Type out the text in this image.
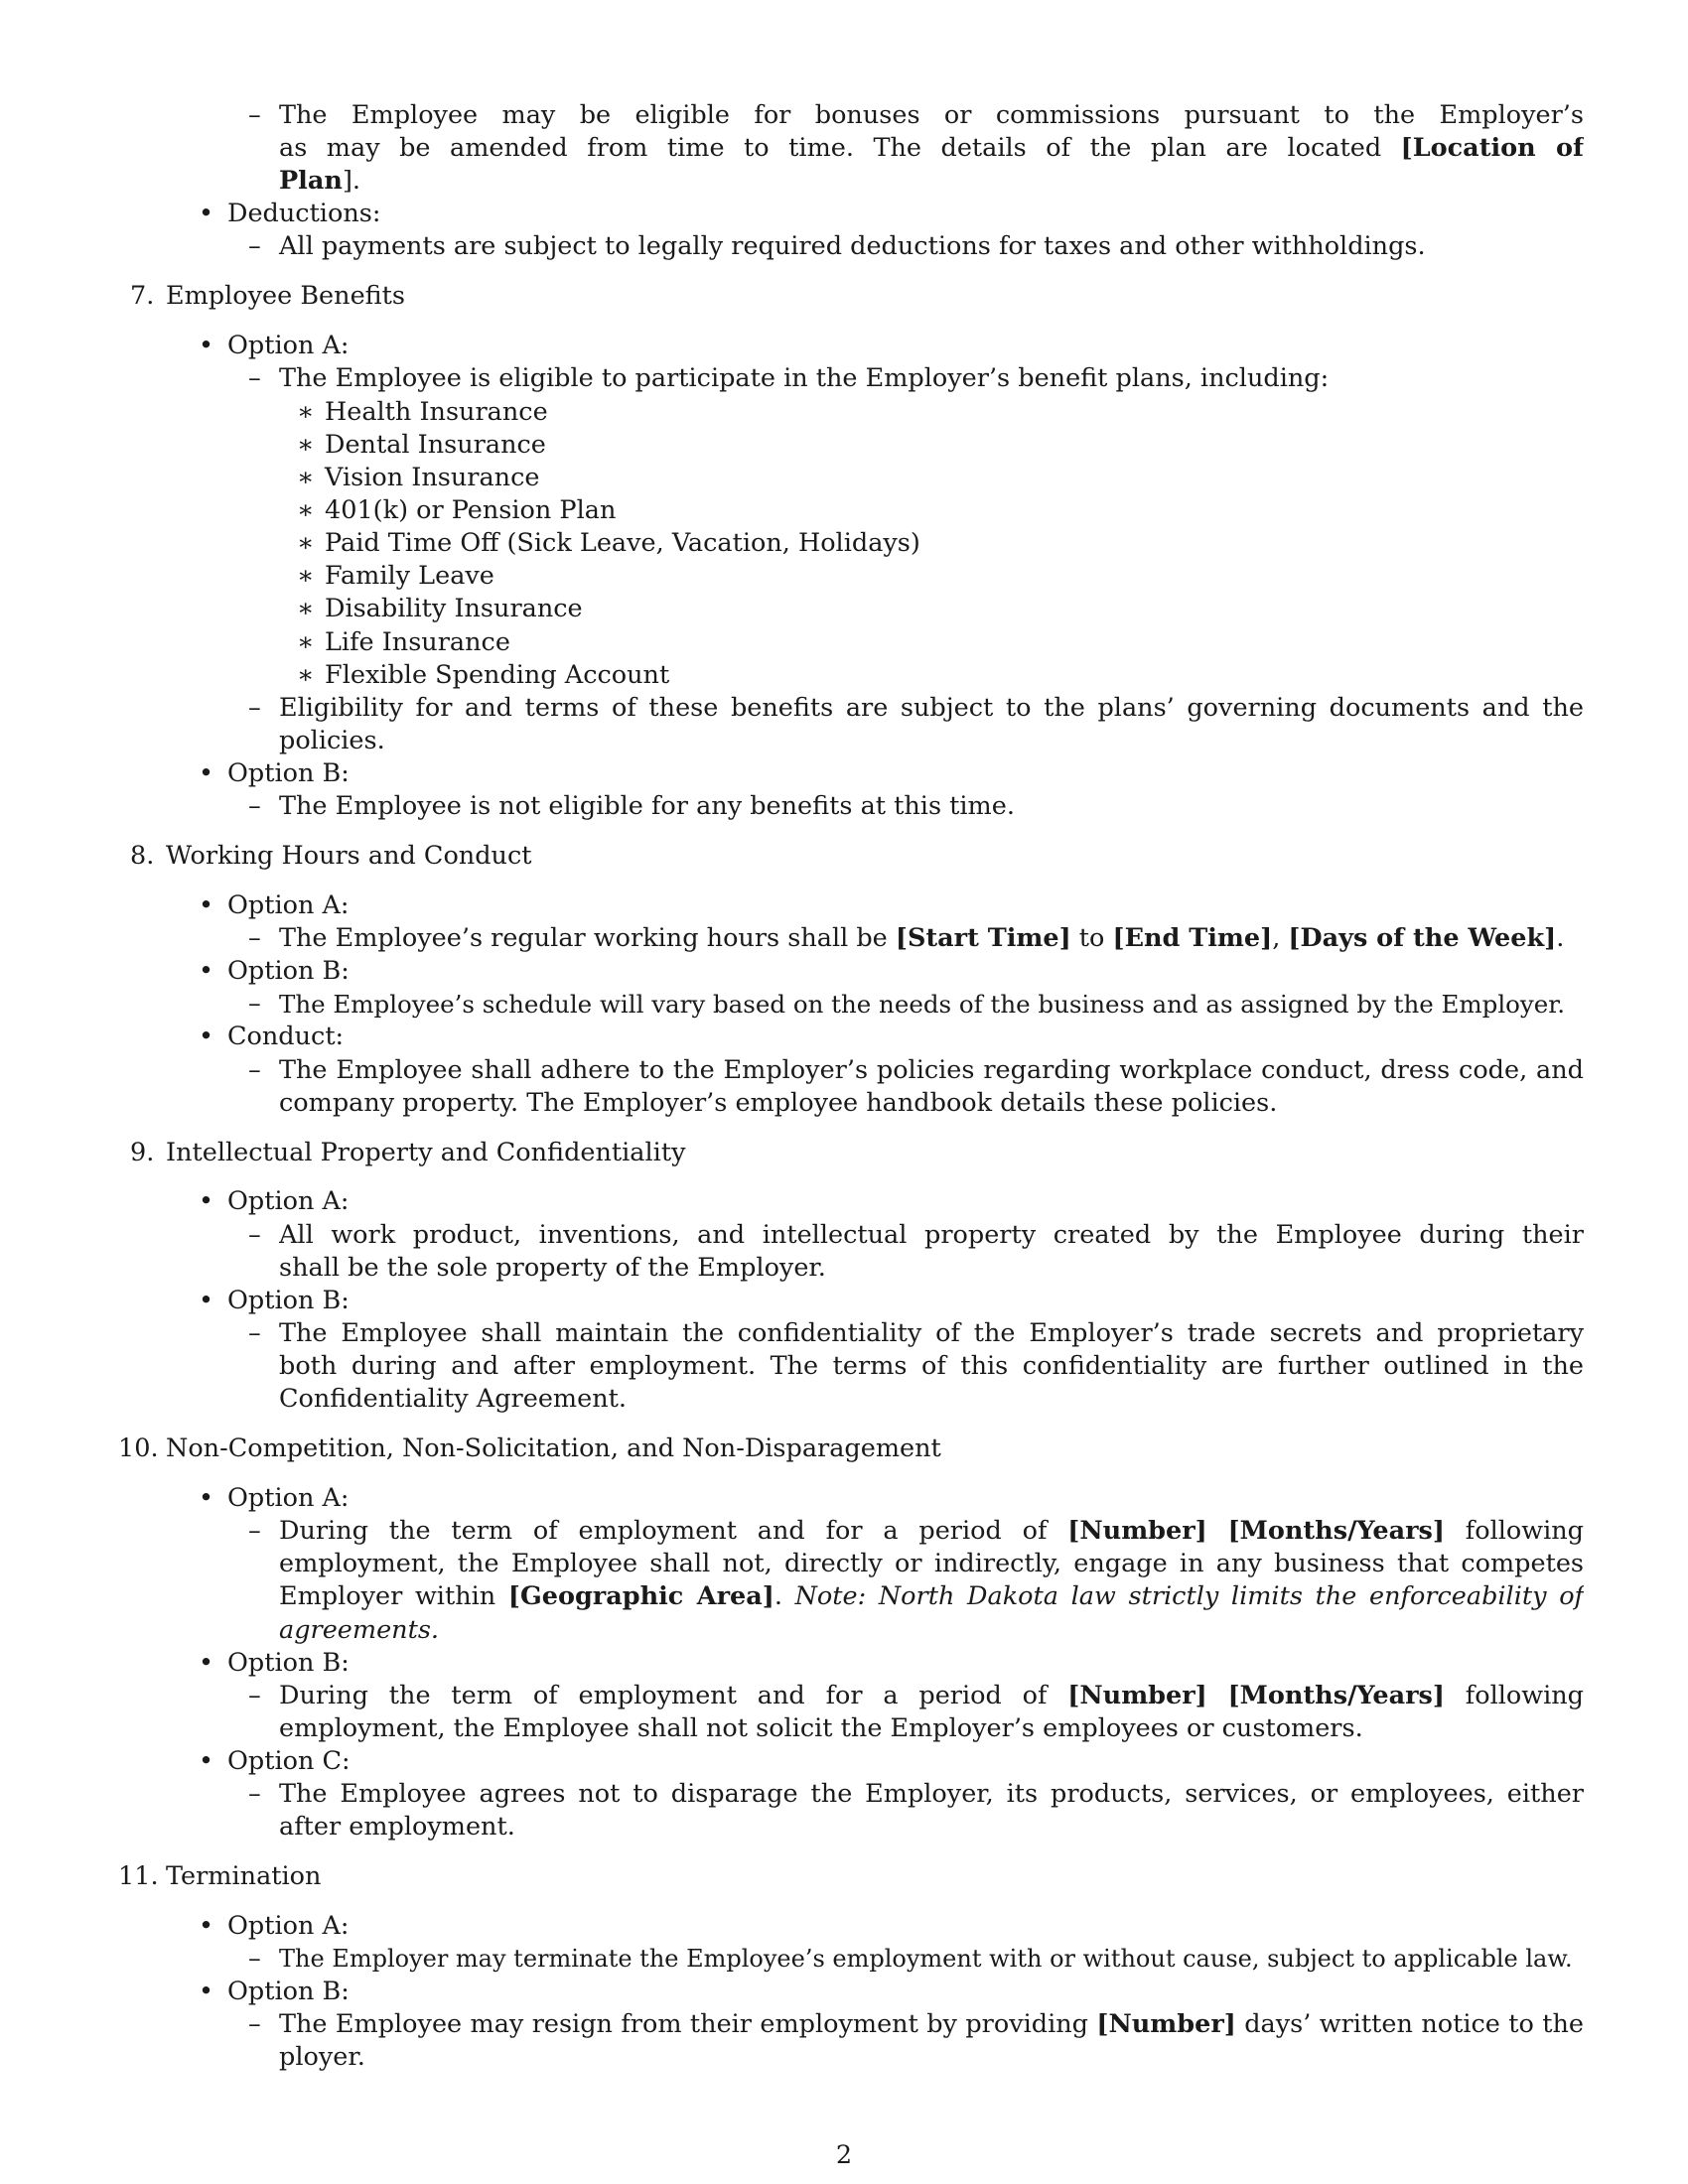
– The Employee may be eligible for bonuses or commissions pursuant to the Employer’s
as may be amended from time to time. The details of the plan are located [Location of
Plan].
• Deductions:
– All payments are subject to legally required deductions for taxes and other withholdings.
7. Employee Benefits
• Option A:
– The Employee is eligible to participate in the Employer’s benefit plans, including:
∗ Health Insurance
∗ Dental Insurance
∗ Vision Insurance
∗ 401(k) or Pension Plan
∗ Paid Time Off (Sick Leave, Vacation, Holidays)
∗ Family Leave
∗ Disability Insurance
∗ Life Insurance
∗ Flexible Spending Account
– Eligibility for and terms of these benefits are subject to the plans’ governing documents and the
policies.
• Option B:
– The Employee is not eligible for any benefits at this time.
8. Working Hours and Conduct
• Option A:
– The Employee’s regular working hours shall be [Start Time] to [End Time], [Days of the Week].
• Option B:
– The Employee’s schedule will vary based on the needs of the business and as assigned by the Employer.
• Conduct:
– The Employee shall adhere to the Employer’s policies regarding workplace conduct, dress code, and
company property. The Employer’s employee handbook details these policies.
9. Intellectual Property and Confidentiality
• Option A:
– All work product, inventions, and intellectual property created by the Employee during their
shall be the sole property of the Employer.
• Option B:
– The Employee shall maintain the confidentiality of the Employer’s trade secrets and proprietary
both during and after employment. The terms of this confidentiality are further outlined in the
Confidentiality Agreement.
10. Non-Competition, Non-Solicitation, and Non-Disparagement
• Option A:
– During the term of employment and for a period of [Number] [Months/Years] following
employment, the Employee shall not, directly or indirectly, engage in any business that competes
Employer within [Geographic Area]. Note: North Dakota law strictly limits the enforceability of
agreements.
• Option B:
– During the term of employment and for a period of [Number] [Months/Years] following
employment, the Employee shall not solicit the Employer’s employees or customers.
• Option C:
– The Employee agrees not to disparage the Employer, its products, services, or employees, either
after employment.
11. Termination
• Option A:
– The Employer may terminate the Employee’s employment with or without cause, subject to applicable law.
• Option B:
– The Employee may resign from their employment by providing [Number] days’ written notice to the
ployer.
2
